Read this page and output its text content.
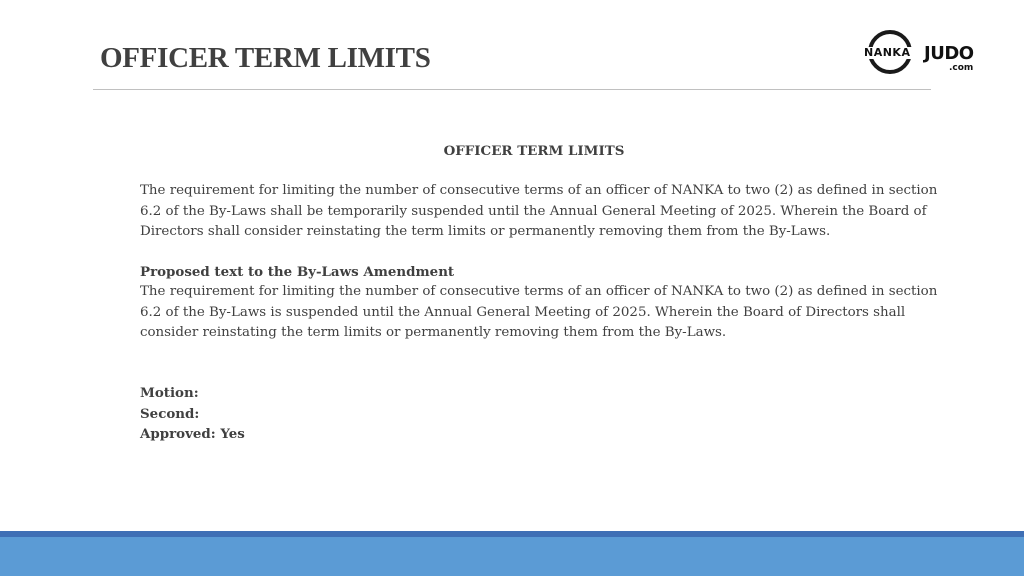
OFFICER TERM LIMITS	NANKA JUDO
.com

OFFICER TERM LIMITS

The requirement for limiting the number of consecutive terms of an officer of NANKA to two (2) as defined in section 6.2 of the By-Laws shall be temporarily suspended until the Annual General Meeting of 2025. Wherein the Board of Directors shall consider reinstating the term limits or permanently removing them from the By-Laws.

Proposed text to the By-Laws Amendment

The requirement for limiting the number of consecutive terms of an officer of NANKA to two (2) as defined in section 6.2 of the By-Laws is suspended until the Annual General Meeting of 2025. Wherein the Board of Directors shall consider reinstating the term limits or permanently removing them from the By-Laws.

Motion:

Second:

Approved: Yes
